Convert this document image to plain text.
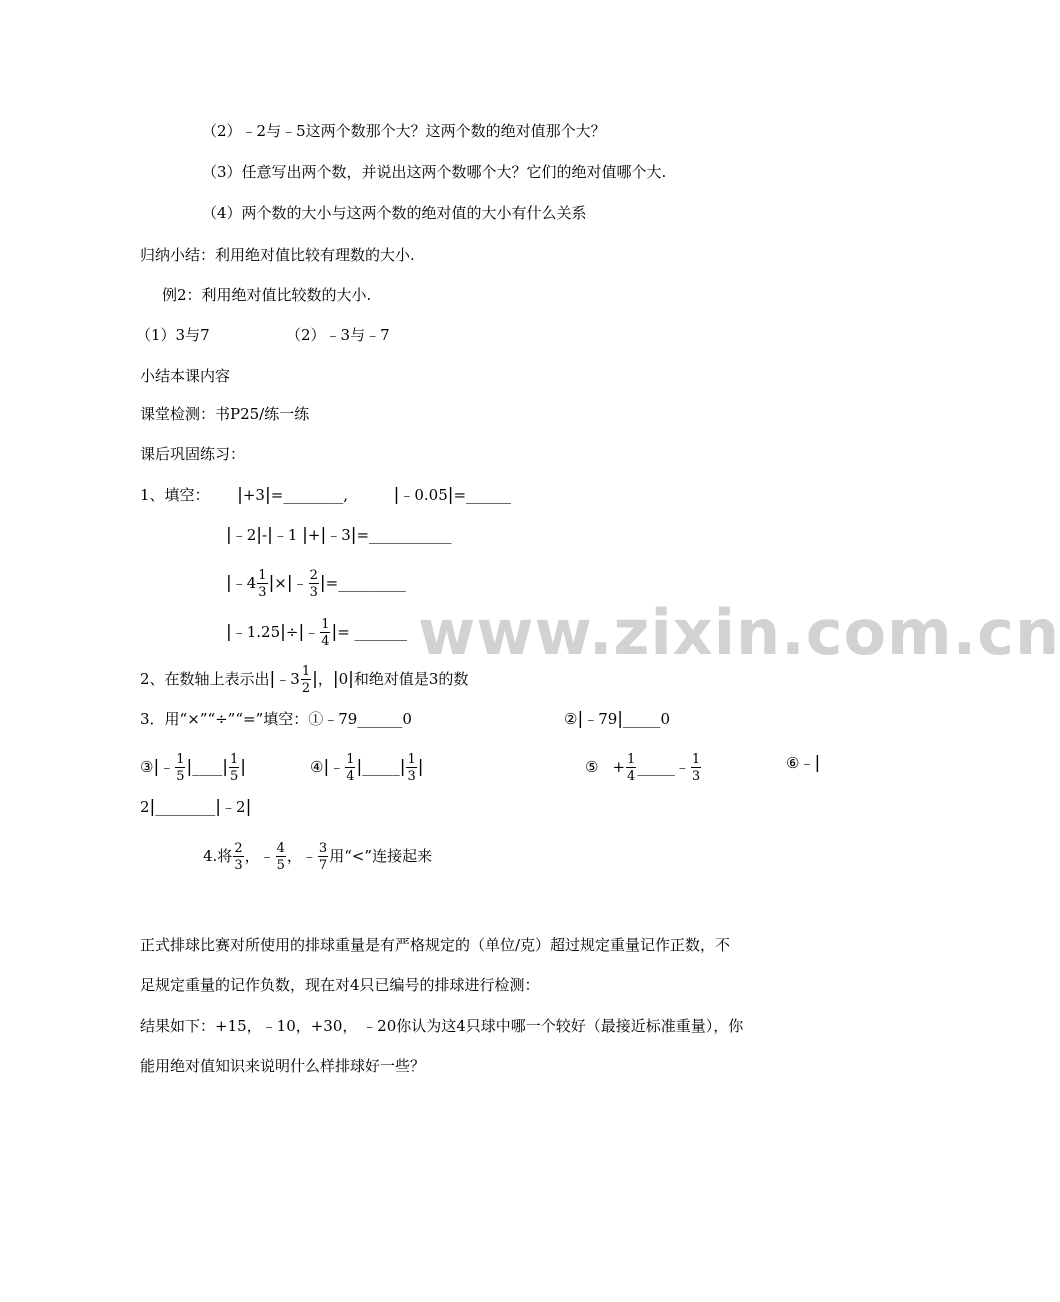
（2）﹣2与﹣5这两个数那个大？这两个数的绝对值那个大？
（3）任意写出两个数，并说出这两个数哪个大？它们的绝对值哪个大.
（4）两个数的大小与这两个数的绝对值的大小有什么关系
归纳小结：利用绝对值比较有理数的大小.
例2：利用绝对值比较数的大小.
（1）3与7	（2）﹣3与﹣7
小结本课内容
课堂检测：书P25/练一练
课后巩固练习：
1、填空： |+3|=________,	|﹣0.05|=______
|﹣2|-|﹣1 |+|﹣3|=___________
|﹣4 $\frac{1}{3}$ |×|﹣ $\frac{2}{3}$ |=_________
|﹣1.25|÷|﹣ $\frac{1}{4}$ |= _______
2、在数轴上表示出|﹣3 $\frac{1}{2}$ |，|0|和绝对值是3的数
3．用“×”“÷”“=”填空：①﹣79______0	②|﹣79|_____0
③|﹣ $\frac{1}{5}$ |____| $\frac{1}{5}$ |	④|﹣ $\frac{1}{4}$ |_____| $\frac{1}{3}$ |	⑤ + $\frac{1}{4}$ _____﹣ $\frac{1}{3}$	⑥﹣|
2|________|﹣2|
4.将 $\frac{2}{3}$ ，﹣ $\frac{4}{5}$ ，﹣ $\frac{3}{7}$ 用“<”连接起来
正式排球比赛对所使用的排球重量是有严格规定的（单位/克）超过规定重量记作正数，不
足规定重量的记作负数，现在对4只已编号的排球进行检测：
结果如下：+15，﹣10，+30， ﹣20你认为这4只球中哪一个较好（最接近标准重量），你
能用绝对值知识来说明什么样排球好一些？
www.zixin.com.cn
